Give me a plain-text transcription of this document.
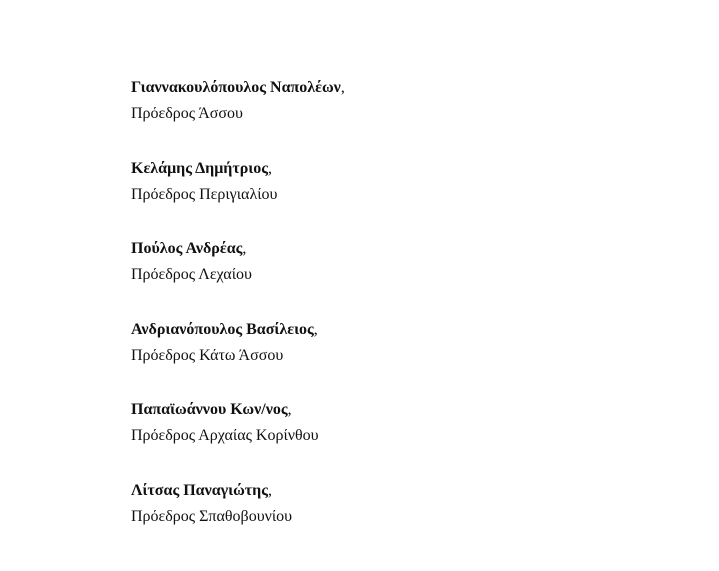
Γιαννακουλόπουλος Ναπολέων,
Πρόεδρος Άσσου
Κελάμης Δημήτριος,
Πρόεδρος Περιγιαλίου
Πούλος Ανδρέας,
Πρόεδρος Λεχαίου
Ανδριανόπουλος Βασίλειος,
Πρόεδρος Κάτω Άσσου
Παπαϊωάννου Κων/νος,
Πρόεδρος Αρχαίας Κορίνθου
Λίτσας Παναγιώτης,
Πρόεδρος Σπαθοβουνίου
